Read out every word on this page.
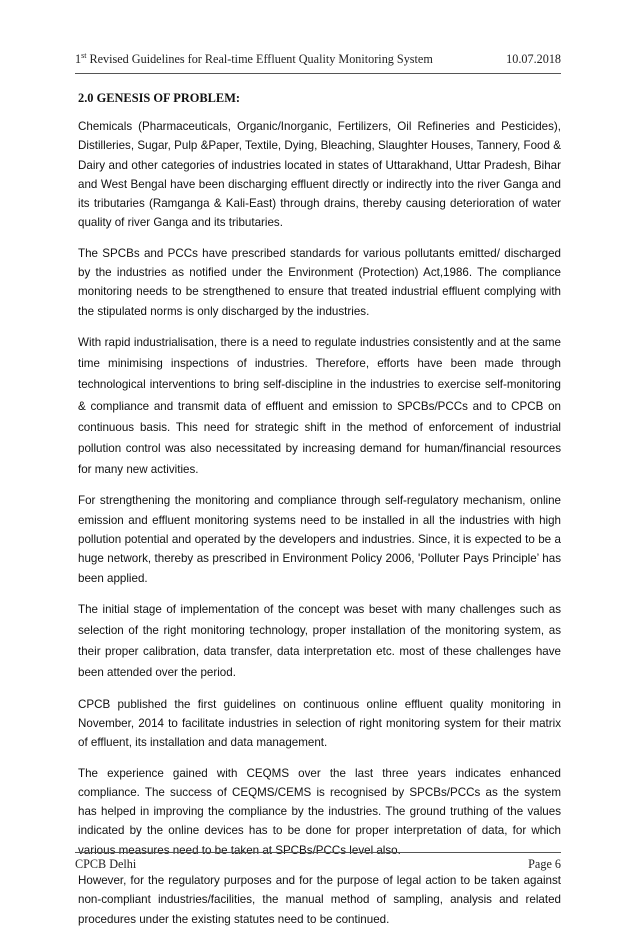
1st Revised Guidelines for Real-time Effluent Quality Monitoring System	10.07.2018
2.0 GENESIS OF PROBLEM:

Chemicals (Pharmaceuticals, Organic/Inorganic, Fertilizers, Oil Refineries and Pesticides), Distilleries, Sugar, Pulp &Paper, Textile, Dying, Bleaching, Slaughter Houses, Tannery, Food & Dairy and other categories of industries located in states of Uttarakhand, Uttar Pradesh, Bihar and West Bengal have been discharging effluent directly or indirectly into the river Ganga and its tributaries (Ramganga & Kali-East) through drains, thereby causing deterioration of water quality of river Ganga and its tributaries.

The SPCBs and PCCs have prescribed standards for various pollutants emitted/ discharged by the industries as notified under the Environment (Protection) Act,1986. The compliance monitoring needs to be strengthened to ensure that treated industrial effluent complying with the stipulated norms is only discharged by the industries.

With rapid industrialisation, there is a need to regulate industries consistently and at the same time minimising inspections of industries. Therefore, efforts have been made through technological interventions to bring self-discipline in the industries to exercise self-monitoring & compliance and transmit data of effluent and emission to SPCBs/PCCs and to CPCB on continuous basis. This need for strategic shift in the method of enforcement of industrial pollution control was also necessitated by increasing demand for human/financial resources for many new activities.

For strengthening the monitoring and compliance through self-regulatory mechanism, online emission and effluent monitoring systems need to be installed in all the industries with high pollution potential and operated by the developers and industries. Since, it is expected to be a huge network, thereby as prescribed in Environment Policy 2006, 'Polluter Pays Principle’ has been applied.

The initial stage of implementation of the concept was beset with many challenges such as selection of the right monitoring technology, proper installation of the monitoring system, as their proper calibration, data transfer, data interpretation etc. most of these challenges have been attended over the period.

CPCB published the first guidelines on continuous online effluent quality monitoring in November, 2014 to facilitate industries in selection of right monitoring system for their matrix of effluent, its installation and data management.

The experience gained with CEQMS over the last three years indicates enhanced compliance. The success of CEQMS/CEMS is recognised by SPCBs/PCCs as the system has helped in improving the compliance by the industries. The ground truthing of the values indicated by the online devices has to be done for proper interpretation of data, for which various measures need to be taken at SPCBs/PCCs level also.

However, for the regulatory purposes and for the purpose of legal action to be taken against non-compliant industries/facilities, the manual method of sampling, analysis and related procedures under the existing statutes need to be continued.

CPCB Delhi	Page 6
